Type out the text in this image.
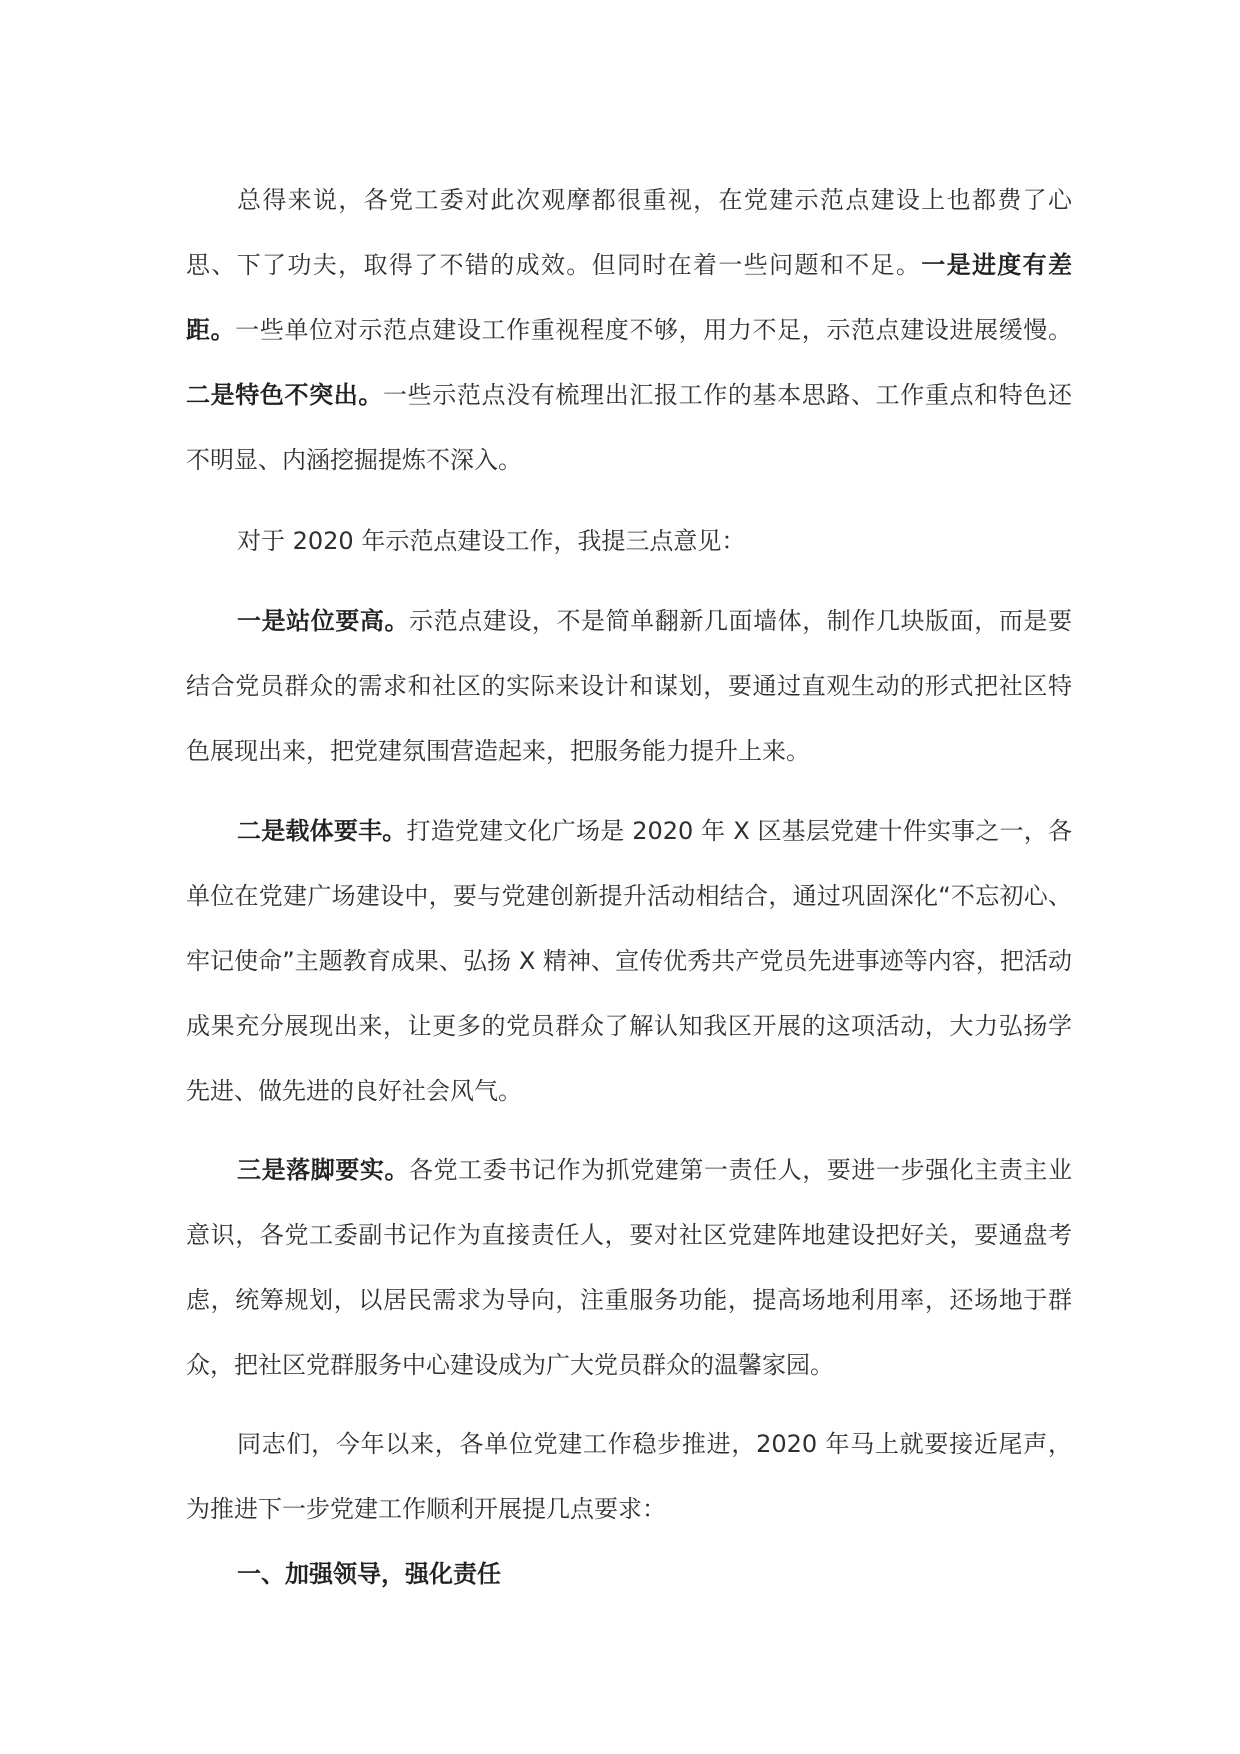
总得来说，各党工委对此次观摩都很重视，在党建示范点建设上也都费了心思、下了功夫，取得了不错的成效。但同时在着一些问题和不足。一是进度有差距。一些单位对示范点建设工作重视程度不够，用力不足，示范点建设进展缓慢。二是特色不突出。一些示范点没有梳理出汇报工作的基本思路、工作重点和特色还不明显、内涵挖掘提炼不深入。

对于 2020 年示范点建设工作，我提三点意见：

一是站位要高。示范点建设，不是简单翻新几面墙体，制作几块版面，而是要结合党员群众的需求和社区的实际来设计和谋划，要通过直观生动的形式把社区特色展现出来，把党建氛围营造起来，把服务能力提升上来。

二是载体要丰。打造党建文化广场是 2020 年 X 区基层党建十件实事之一，各单位在党建广场建设中，要与党建创新提升活动相结合，通过巩固深化“不忘初心、牢记使命”主题教育成果、弘扬 X 精神、宣传优秀共产党员先进事迹等内容，把活动成果充分展现出来，让更多的党员群众了解认知我区开展的这项活动，大力弘扬学先进、做先进的良好社会风气。

三是落脚要实。各党工委书记作为抓党建第一责任人，要进一步强化主责主业意识，各党工委副书记作为直接责任人，要对社区党建阵地建设把好关，要通盘考虑，统筹规划，以居民需求为导向，注重服务功能，提高场地利用率，还场地于群众，把社区党群服务中心建设成为广大党员群众的温馨家园。

同志们，今年以来，各单位党建工作稳步推进，2020 年马上就要接近尾声，为推进下一步党建工作顺利开展提几点要求：

一、加强领导，强化责任
